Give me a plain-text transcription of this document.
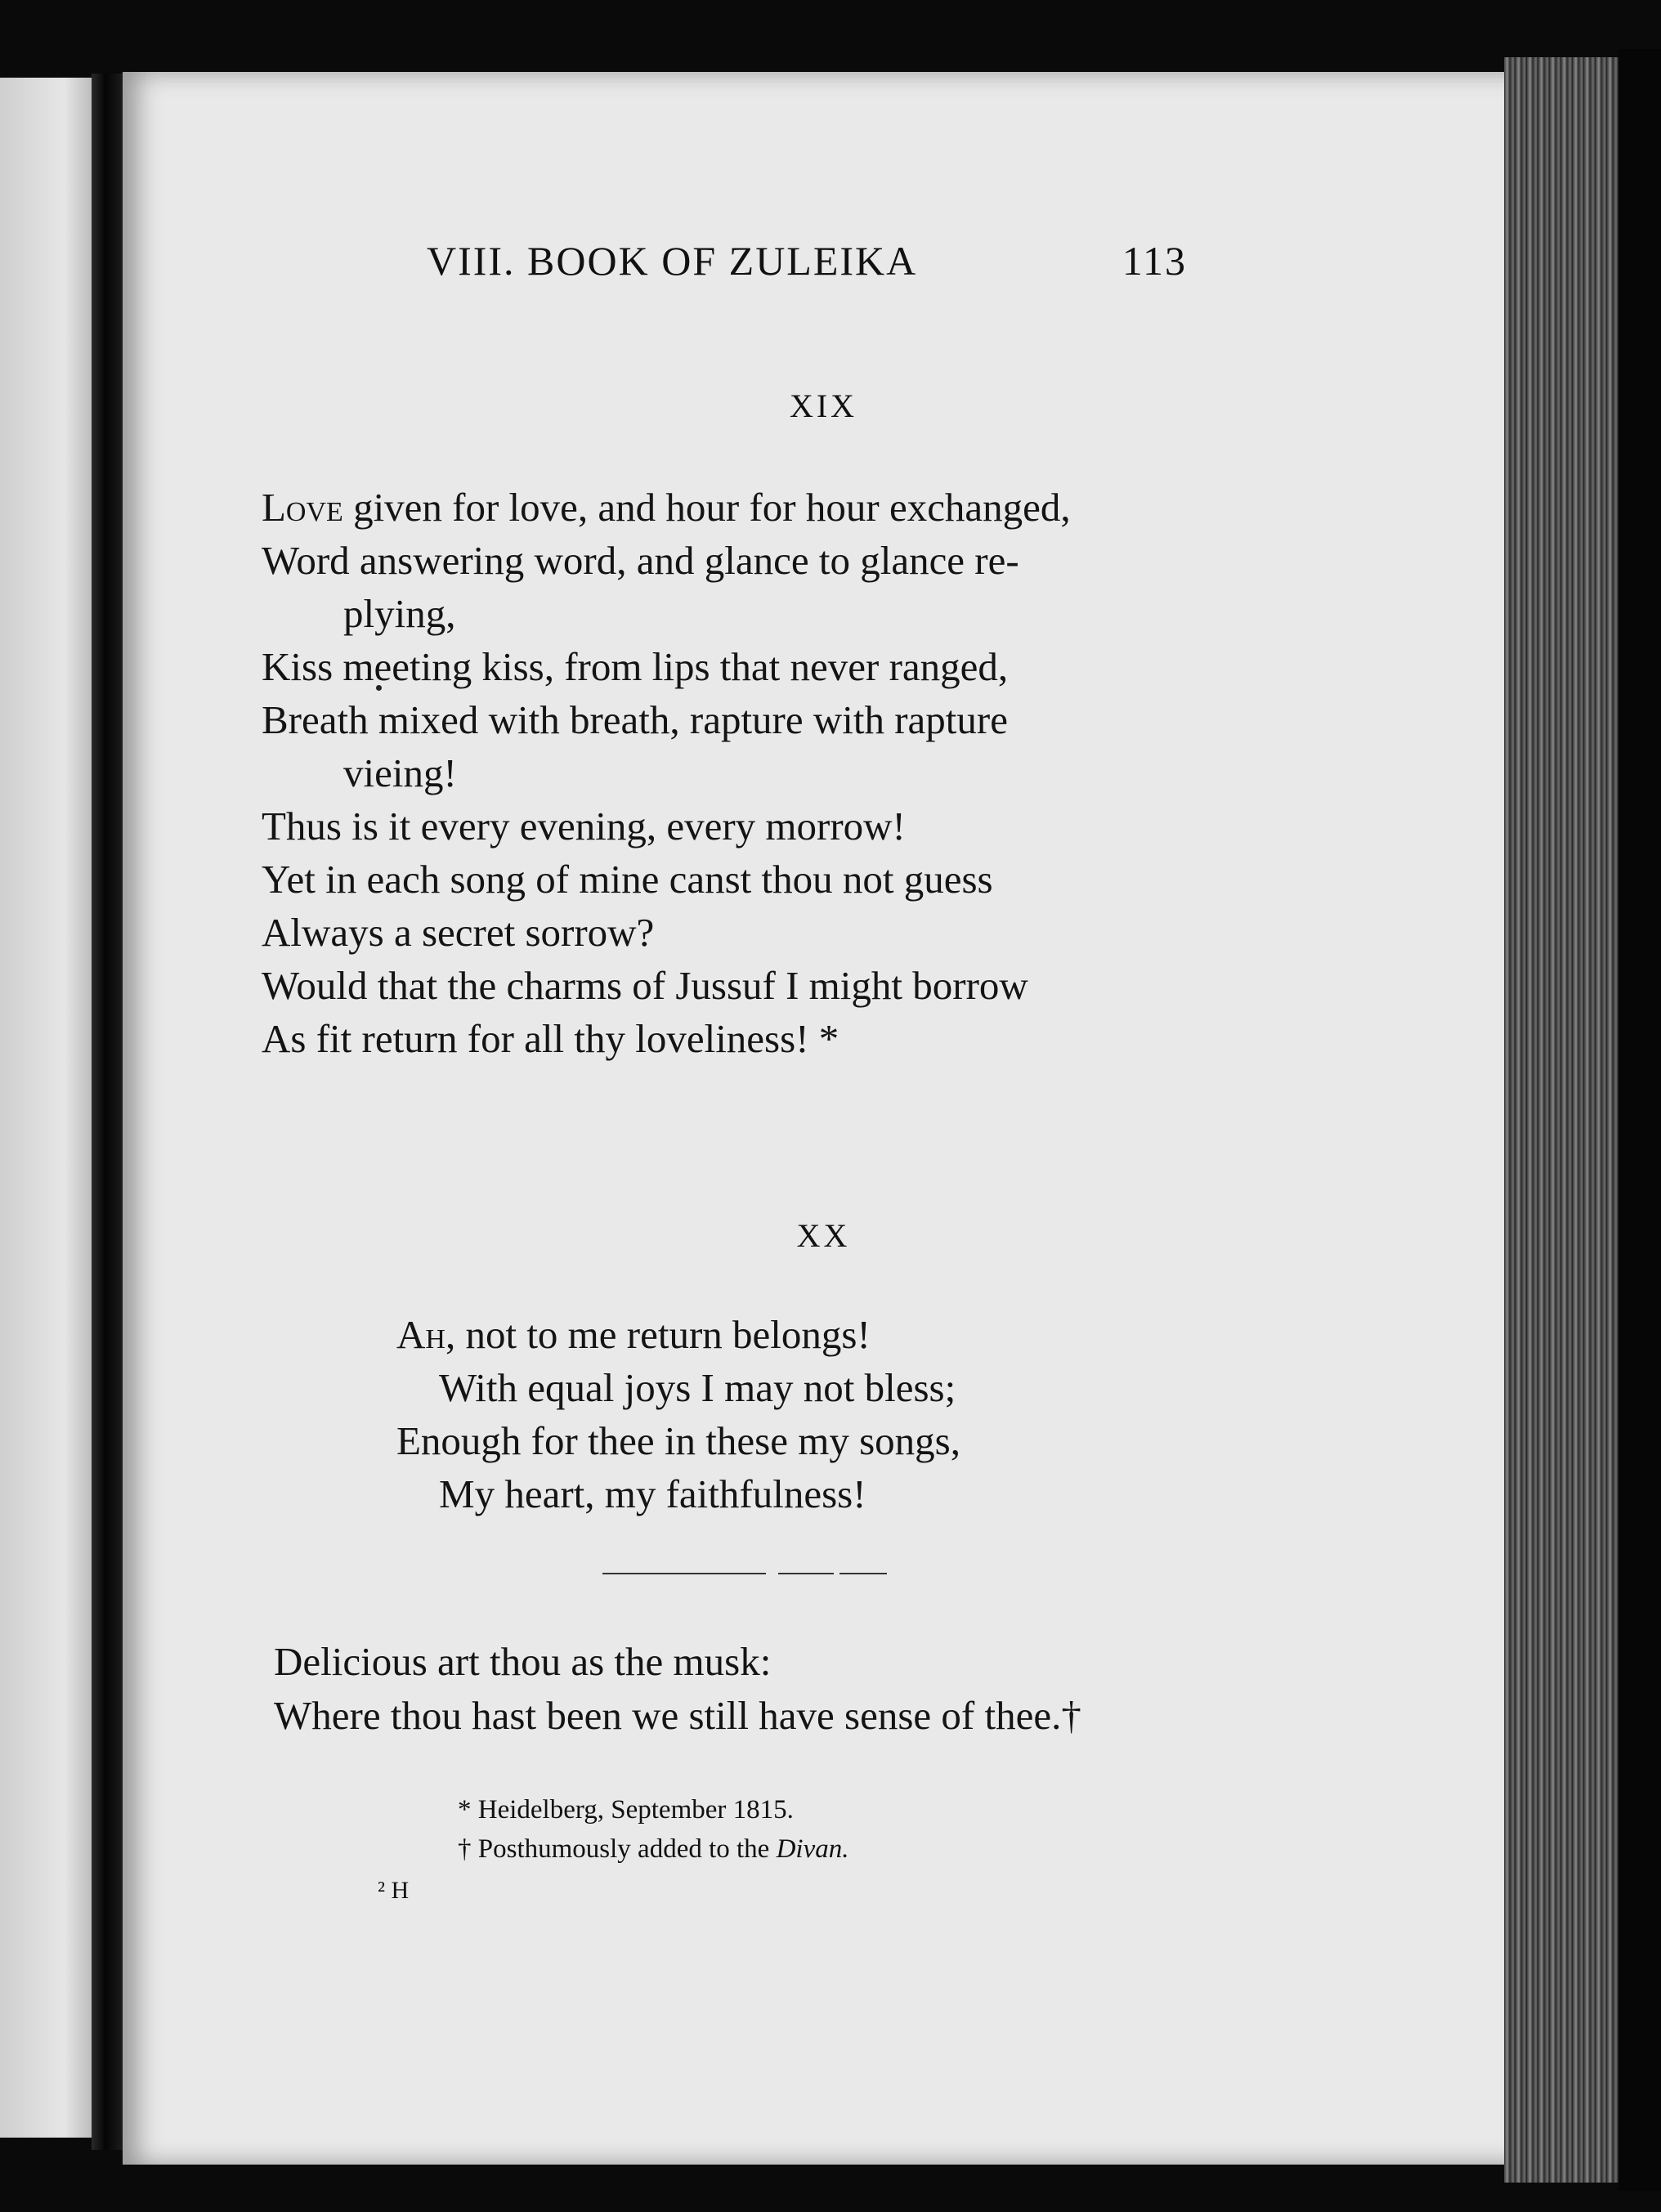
VIII. BOOK OF ZULEIKA	113
XIX
Love given for love, and hour for hour exchanged,
Word answering word, and glance to glance re-
plying,
Kiss meeting kiss, from lips that never ranged,
Breath mixed with breath, rapture with rapture
vieing!
Thus is it every evening, every morrow!
Yet in each song of mine canst thou not guess
Always a secret sorrow?
Would that the charms of Jussuf I might borrow
As fit return for all thy loveliness! *
XX
Ah, not to me return belongs!
With equal joys I may not bless;
Enough for thee in these my songs,
My heart, my faithfulness!
Delicious art thou as the musk:
Where thou hast been we still have sense of thee.†
* Heidelberg, September 1815.
† Posthumously added to the Divan.
² H
